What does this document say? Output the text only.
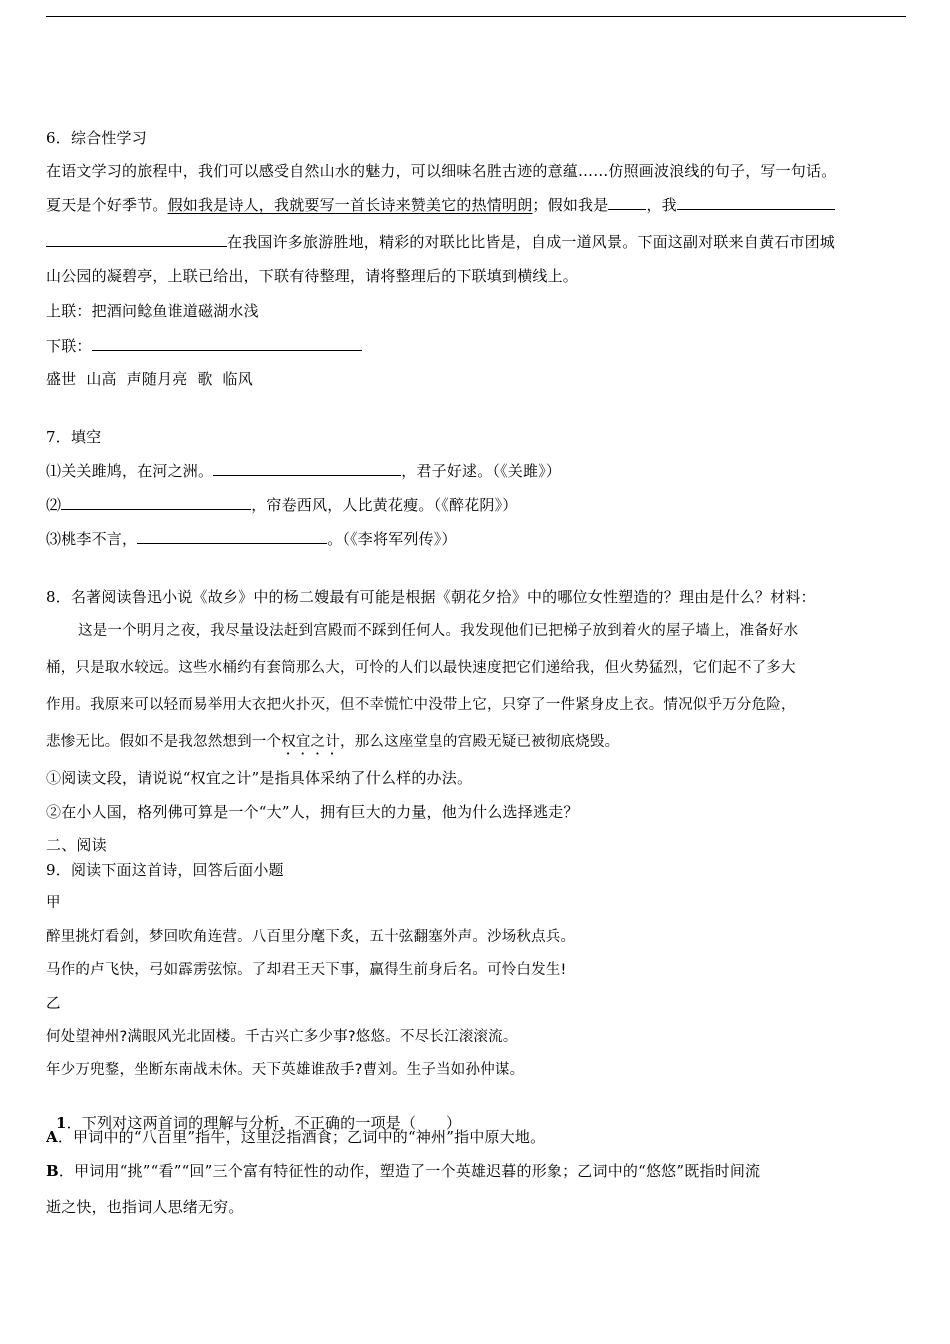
6．综合性学习
在语文学习的旅程中，我们可以感受自然山水的魅力，可以细味名胜古迹的意蕴……仿照画波浪线的句子，写一句话。
夏天是个好季节。假如我是诗人，我就要写一首长诗来赞美它的热情明朗；假如我是	，我
在我国许多旅游胜地，精彩的对联比比皆是，自成一道风景。下面这副对联来自黄石市团城
山公园的凝碧亭，上联已给出，下联有待整理，请将整理后的下联填到横线上。
上联：把酒问鲶鱼谁道磁湖水浅
下联：
盛世  山高  声随月亮  歌  临风
7．填空
⑴关关雎鸠，在河之洲。	，君子好逑。（《关雎》）
⑵	，帘卷西风，人比黄花瘦。（《醉花阴》）
⑶桃李不言，	。（《李将军列传》）
8．名著阅读鲁迅小说《故乡》中的杨二嫂最有可能是根据《朝花夕拾》中的哪位女性塑造的？理由是什么？材料：
这是一个明月之夜，我尽量设法赶到宫殿而不踩到任何人。我发现他们已把梯子放到着火的屋子墙上，准备好水
桶，只是取水较远。这些水桶约有套筒那么大，可怜的人们以最快速度把它们递给我，但火势猛烈，它们起不了多大
作用。我原来可以轻而易举用大衣把火扑灭，但不幸慌忙中没带上它，只穿了一件紧身皮上衣。情况似乎万分危险，
悲惨无比。假如不是我忽然想到一个权宜之计，那么这座堂皇的宫殿无疑已被彻底烧毁。
①阅读文段，请说说“权宜之计”是指具体采纳了什么样的办法。
②在小人国，格列佛可算是一个“大”人，拥有巨大的力量，他为什么选择逃走？
二、阅读
9．阅读下面这首诗，回答后面小题
甲
醉里挑灯看剑，梦回吹角连营。八百里分麾下炙，五十弦翻塞外声。沙场秋点兵。
马作的卢飞快，弓如霹雳弦惊。了却君王天下事，赢得生前身后名。可怜白发生!
乙
何处望神州?满眼风光北固楼。千古兴亡多少事?悠悠。不尽长江滚滚流。
年少万兜鍪，坐断东南战未休。天下英雄谁敌手?曹刘。生子当如孙仲谋。

1．下列对这两首词的理解与分析，不正确的一项是（      ）

A．甲词中的“八百里”指牛，这里泛指酒食；乙词中的“神州”指中原大地。
B．甲词用“挑”“看”“回”三个富有特征性的动作，塑造了一个英雄迟暮的形象；乙词中的“悠悠”既指时间流
逝之快，也指词人思绪无穷。
